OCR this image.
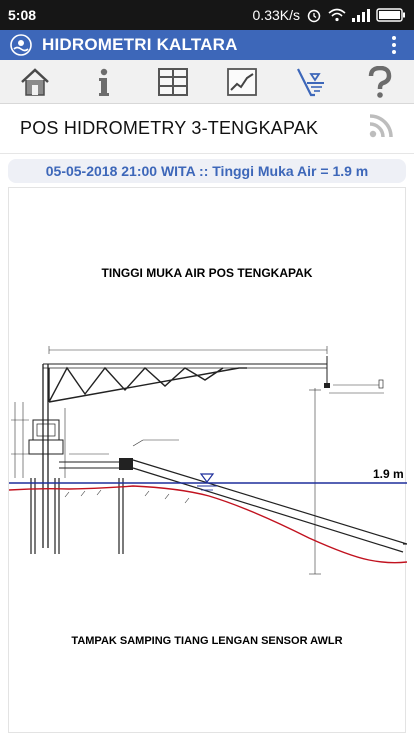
5:08	0.33K/s
HIDROMETRI KALTARA
POS HIDROMETRY 3-TENGKAPAK
05-05-2018 21:00 WITA :: Tinggi Muka Air = 1.9 m
TINGGI MUKA AIR POS TENGKAPAK
1.9 m
TAMPAK SAMPING TIANG LENGAN SENSOR AWLR
